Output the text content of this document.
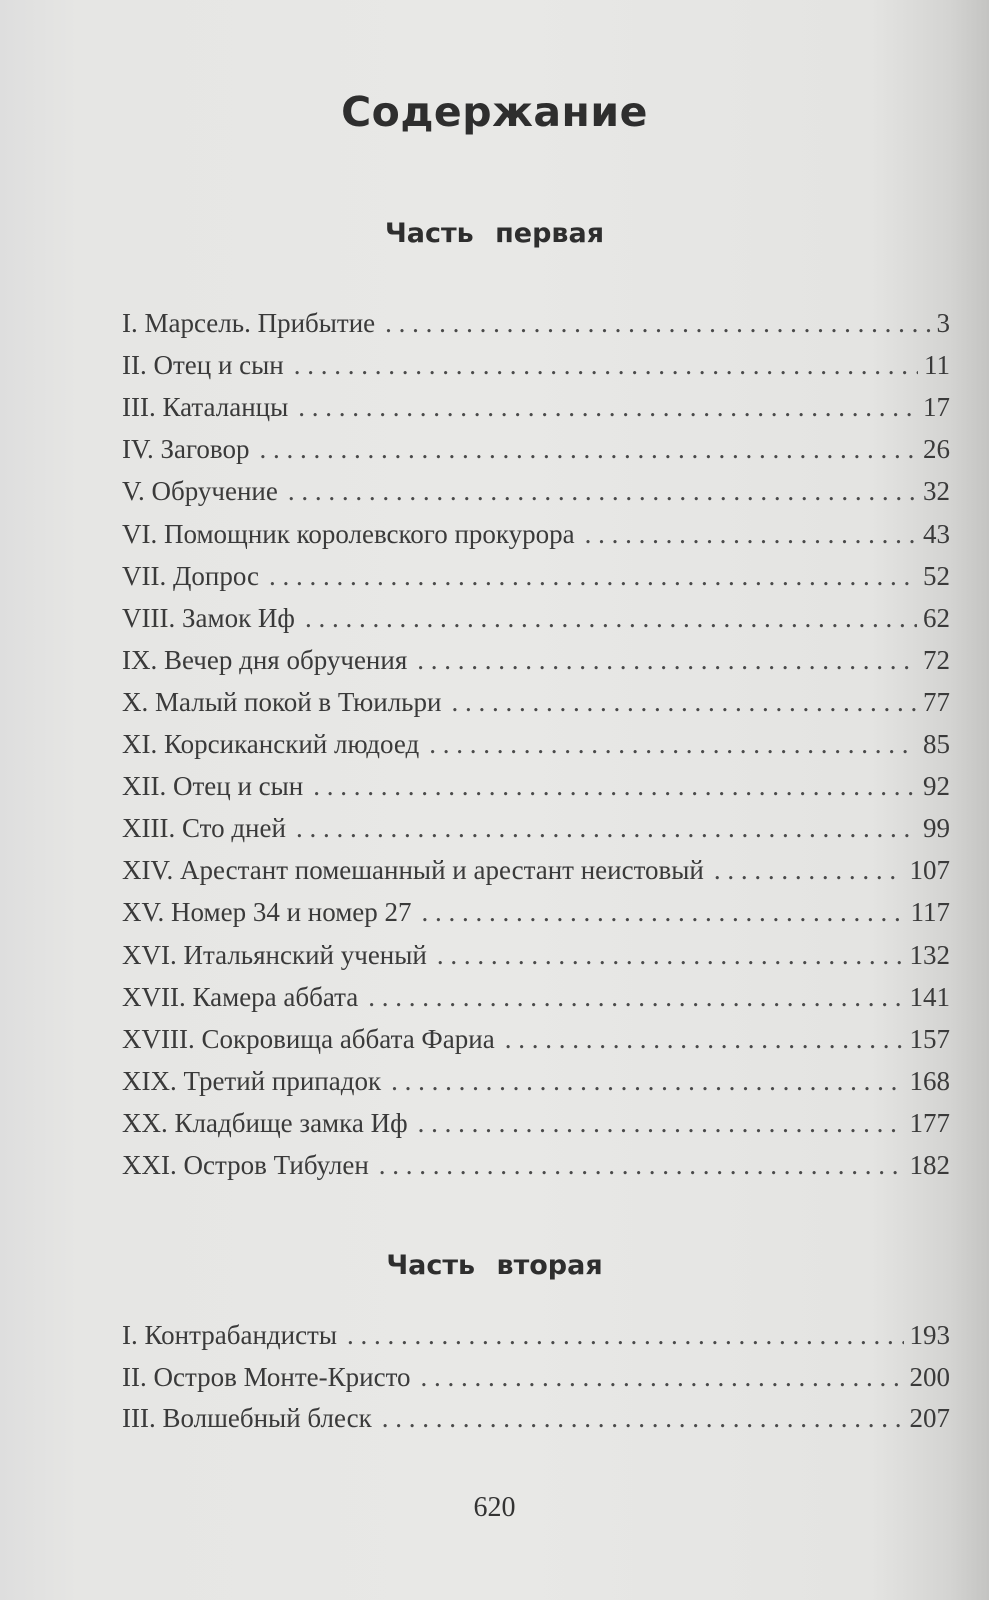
Содержание
Часть первая
I. Марсель. Прибытие . . .	3
II. Отец и сын . . .	11
III. Каталанцы . . .	17
IV. Заговор . . .	26
V. Обручение . . .	32
VI. Помощник королевского прокурора . . .	43
VII. Допрос . . .	52
VIII. Замок Иф . . .	62
IX. Вечер дня обручения . . .	72
X. Малый покой в Тюильри . . .	77
XI. Корсиканский людоед . . .	85
XII. Отец и сын . . .	92
XIII. Сто дней . . .	99
XIV. Арестант помешанный и арестант неистовый . . .	107
XV. Номер 34 и номер 27 . . .	117
XVI. Итальянский ученый . . .	132
XVII. Камера аббата . . .	141
XVIII. Сокровища аббата Фариа . . .	157
XIX. Третий припадок . . .	168
XX. Кладбище замка Иф . . .	177
XXI. Остров Тибулен . . .	182
Часть вторая
I. Контрабандисты . . .	193
II. Остров Монте-Кристо . . .	200
III. Волшебный блеск . . .	207
620
